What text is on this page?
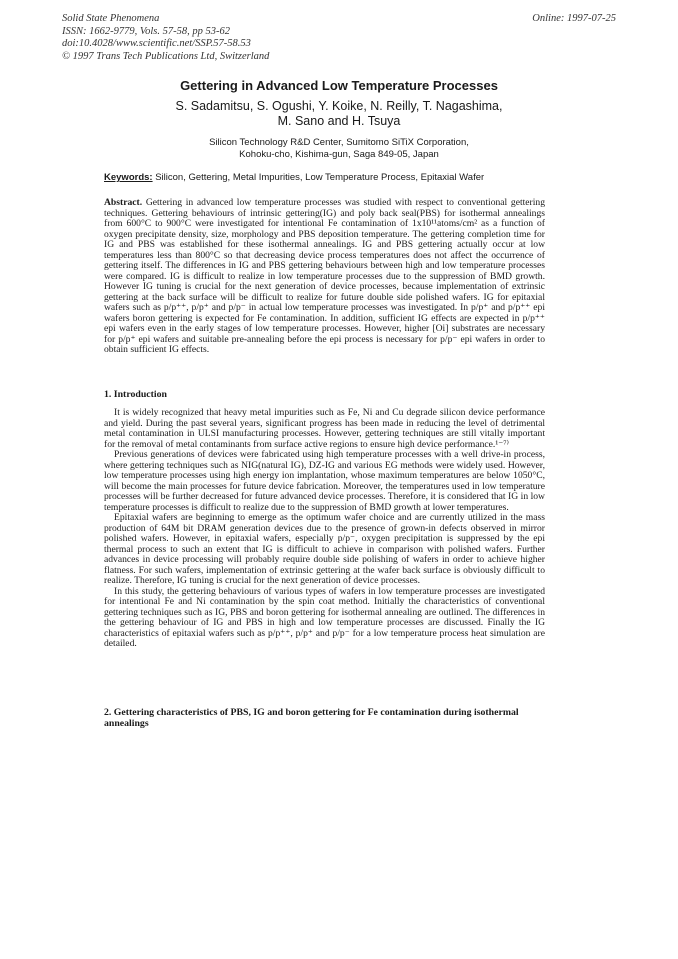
Solid State Phenomena
ISSN: 1662-9779, Vols. 57-58, pp 53-62
doi:10.4028/www.scientific.net/SSP.57-58.53
© 1997 Trans Tech Publications Ltd, Switzerland
Online: 1997-07-25
Gettering in Advanced Low Temperature Processes
S. Sadamitsu, S. Ogushi, Y. Koike, N. Reilly, T. Nagashima,
M. Sano and H. Tsuya
Silicon Technology R&D Center, Sumitomo SiTiX Corporation,
Kohoku-cho, Kishima-gun, Saga 849-05, Japan
Keywords: Silicon, Gettering, Metal Impurities, Low Temperature Process, Epitaxial Wafer

Abstract. Gettering in advanced low temperature processes was studied with respect to conventional gettering techniques. Gettering behaviours of intrinsic gettering(IG) and poly back seal(PBS) for isothermal annealings from 600°C to 900°C were investigated for intentional Fe contamination of 1x10¹¹atoms/cm² as a function of oxygen precipitate density, size, morphology and PBS deposition temperature. The gettering completion time for IG and PBS was established for these isothermal annealings. IG and PBS gettering actually occur at low temperatures less than 800°C so that decreasing device process temperatures does not affect the occurrence of gettering itself. The differences in IG and PBS gettering behaviours between high and low temperature processes were compared. IG is difficult to realize in low temperature processes due to the suppression of BMD growth. However IG tuning is crucial for the next generation of device processes, because implementation of extrinsic gettering at the back surface will be difficult to realize for future double side polished wafers. IG for epitaxial wafers such as p/p⁺⁺, p/p⁺ and p/p⁻ in actual low temperature processes was investigated. In p/p⁺ and p/p⁺⁺ epi wafers boron gettering is expected for Fe contamination. In addition, sufficient IG effects are expected in p/p⁺⁺ epi wafers even in the early stages of low temperature processes. However, higher [Oi] substrates are necessary for p/p⁺ epi wafers and suitable pre-annealing before the epi process is necessary for p/p⁻ epi wafers in order to obtain sufficient IG effects.

1. Introduction

It is widely recognized that heavy metal impurities such as Fe, Ni and Cu degrade silicon device performance and yield. During the past several years, significant progress has been made in reducing the level of detrimental metal contamination in ULSI manufacturing processes. However, gettering techniques are still vitally important for the removal of metal contaminants from surface active regions to ensure high device performance.¹⁻⁷⁾

Previous generations of devices were fabricated using high temperature processes with a well drive-in process, where gettering techniques such as NIG(natural IG), DZ-IG and various EG methods were widely used. However, low temperature processes using high energy ion implantation, whose maximum temperatures are below 1050°C, will become the main processes for future device fabrication. Moreover, the temperatures used in low temperature processes will be further decreased for future advanced device processes. Therefore, it is considered that IG in low temperature processes is difficult to realize due to the suppression of BMD growth at lower temperatures.

Epitaxial wafers are beginning to emerge as the optimum wafer choice and are currently utilized in the mass production of 64M bit DRAM generation devices due to the presence of grown-in defects observed in mirror polished wafers. However, in epitaxial wafers, especially p/p⁻, oxygen precipitation is suppressed by the epi thermal process to such an extent that IG is difficult to achieve in comparison with polished wafers. Further advances in device processing will probably require double side polishing of wafers in order to achieve higher flatness. For such wafers, implementation of extrinsic gettering at the wafer back surface is obviously difficult to realize. Therefore, IG tuning is crucial for the next generation of device processes.

In this study, the gettering behaviours of various types of wafers in low temperature processes are investigated for intentional Fe and Ni contamination by the spin coat method. Initially the characteristics of conventional gettering techniques such as IG, PBS and boron gettering for isothermal annealing are outlined. The differences in the gettering behaviour of IG and PBS in high and low temperature processes are discussed. Finally the IG characteristics of epitaxial wafers such as p/p⁺⁺, p/p⁺ and p/p⁻ for a low temperature process heat simulation are detailed.

2. Gettering characteristics of PBS, IG and boron gettering for Fe contamination during isothermal annealings
